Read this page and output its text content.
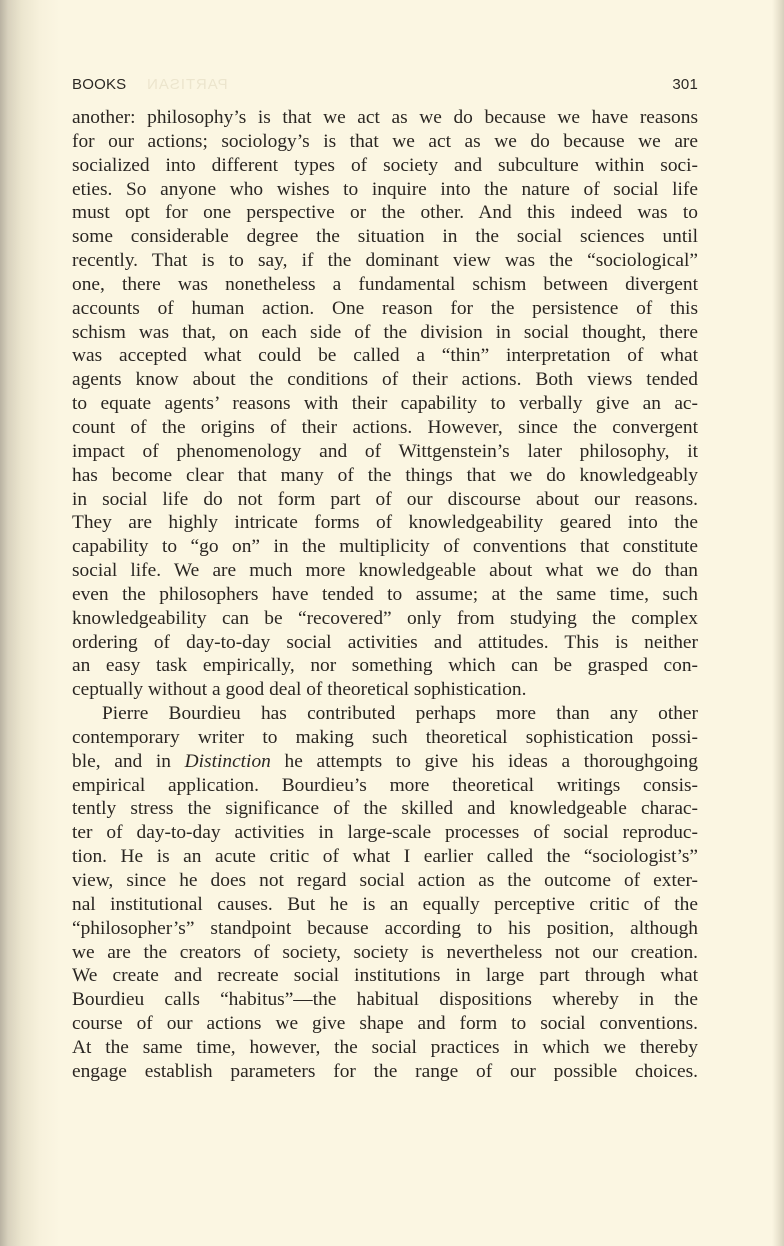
BOOKS PARTISAN	301
another: philosophy’s is that we act as we do because we have reasons
for our actions; sociology’s is that we act as we do because we are
socialized into different types of society and subculture within soci-
eties. So anyone who wishes to inquire into the nature of social life
must opt for one perspective or the other. And this indeed was to
some considerable degree the situation in the social sciences until
recently. That is to say, if the dominant view was the “sociological”
one, there was nonetheless a fundamental schism between divergent
accounts of human action. One reason for the persistence of this
schism was that, on each side of the division in social thought, there
was accepted what could be called a “thin” interpretation of what
agents know about the conditions of their actions. Both views tended
to equate agents’ reasons with their capability to verbally give an ac-
count of the origins of their actions. However, since the convergent
impact of phenomenology and of Wittgenstein’s later philosophy, it
has become clear that many of the things that we do knowledgeably
in social life do not form part of our discourse about our reasons.
They are highly intricate forms of knowledgeability geared into the
capability to “go on” in the multiplicity of conventions that constitute
social life. We are much more knowledgeable about what we do than
even the philosophers have tended to assume; at the same time, such
knowledgeability can be “recovered” only from studying the complex
ordering of day-to-day social activities and attitudes. This is neither
an easy task empirically, nor something which can be grasped con-
ceptually without a good deal of theoretical sophistication.
Pierre Bourdieu has contributed perhaps more than any other
contemporary writer to making such theoretical sophistication possi-
ble, and in Distinction he attempts to give his ideas a thoroughgoing
empirical application. Bourdieu’s more theoretical writings consis-
tently stress the significance of the skilled and knowledgeable charac-
ter of day-to-day activities in large-scale processes of social reproduc-
tion. He is an acute critic of what I earlier called the “sociologist’s”
view, since he does not regard social action as the outcome of exter-
nal institutional causes. But he is an equally perceptive critic of the
“philosopher’s” standpoint because according to his position, although
we are the creators of society, society is nevertheless not our creation.
We create and recreate social institutions in large part through what
Bourdieu calls “habitus”—the habitual dispositions whereby in the
course of our actions we give shape and form to social conventions.
At the same time, however, the social practices in which we thereby
engage establish parameters for the range of our possible choices.
